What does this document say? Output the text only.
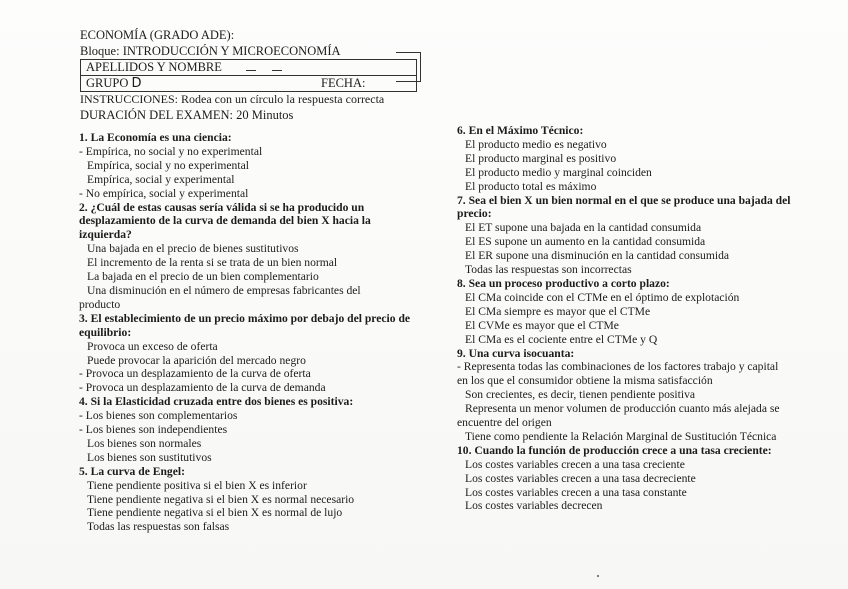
ECONOMÍA (GRADO ADE):
Bloque: INTRODUCCIÓN Y MICROECONOMÍA
APELLIDOS Y NOMBRE
GRUPO D	FECHA:
INSTRUCCIONES: Rodea con un círculo la respuesta correcta
DURACIÓN DEL EXAMEN: 20 Minutos
1. La Economía es una ciencia:
- Empírica, no social y no experimental
Empírica, social y no experimental
Empírica, social y experimental
- No empírica, social y experimental
2. ¿Cuál de estas causas sería válida si se ha producido un desplazamiento de la curva de demanda del bien X hacia la izquierda?
Una bajada en el precio de bienes sustitutivos
El incremento de la renta si se trata de un bien normal
La bajada en el precio de un bien complementario
Una disminución en el número de empresas fabricantes del
producto
3. El establecimiento de un precio máximo por debajo del precio de equilibrio:
Provoca un exceso de oferta
Puede provocar la aparición del mercado negro
- Provoca un desplazamiento de la curva de oferta
- Provoca un desplazamiento de la curva de demanda
4. Si la Elasticidad cruzada entre dos bienes es positiva:
- Los bienes son complementarios
- Los bienes son independientes
Los bienes son normales
Los bienes son sustitutivos
5. La curva de Engel:
Tiene pendiente positiva si el bien X es inferior
Tiene pendiente negativa si el bien X es normal necesario
Tiene pendiente negativa si el bien X es normal de lujo
Todas las respuestas son falsas
6. En el Máximo Técnico:
El producto medio es negativo
El producto marginal es positivo
El producto medio y marginal coinciden
El producto total es máximo
7. Sea el bien X un bien normal en el que se produce una bajada del precio:
El ET supone una bajada en la cantidad consumida
El ES supone un aumento en la cantidad consumida
El ER supone una disminución en la cantidad consumida
Todas las respuestas son incorrectas
8. Sea un proceso productivo a corto plazo:
El CMa coincide con el CTMe en el óptimo de explotación
El CMa siempre es mayor que el CTMe
El CVMe es mayor que el CTMe
El CMa es el cociente entre el CTMe y Q
9. Una curva isocuanta:
- Representa todas las combinaciones de los factores trabajo y capital
en los que el consumidor obtiene la misma satisfacción
Son crecientes, es decir, tienen pendiente positiva
Representa un menor volumen de producción cuanto más alejada se
encuentre del origen
Tiene como pendiente la Relación Marginal de Sustitución Técnica
10. Cuando la función de producción crece a una tasa creciente:
Los costes variables crecen a una tasa creciente
Los costes variables crecen a una tasa decreciente
Los costes variables crecen a una tasa constante
Los costes variables decrecen
